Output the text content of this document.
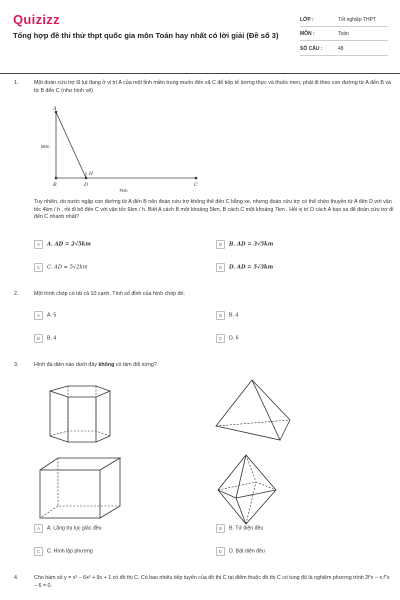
Quizizz
Tổng hợp đề thi thử thpt quốc gia môn Toán hay nhất có lời giải (Đề số 3)
LỚP :	Tốt nghiệp THPT
MÔN :	Toán
SỐ CÂU :	48
1.	Một đoàn cứu trợ lũ lụt đang ở vị trí A của một tỉnh miền trung muốn đến xã C để tiếp tế lương thực và thuốc men, phải đi theo con đường từ A đến B và từ B đến C (như hình vẽ)
A
B	D	C
H
5km
7km
Tuy nhiên, do nước ngập con đường từ A đến B nên đoàn cứu trợ không thể đến C bằng xe, nhưng đoàn cứu trợ có thể chèo thuyền từ A đến D với vận tốc 4km / h , rồi đi bộ đến C với vận tốc 6km / h. Biết A cách B một khoảng 5km, B cách C một khoảng 7km . Hỏi vị trí D cách A bao xa để đoàn cứu trợ đi đến C nhanh nhất?
A A. AD = 2√5km	B B. AD = 3√5km
C C. AD = 5√2km	D D. AD = 5√3km
2.	Một hình chóp có tất cả 10 cạnh. Tính số đỉnh của hình chóp đó.
A A. 5	B B. 4
B B. 4	D D. 6
3.	Hình đa diện nào dưới đây không có tâm đối xứng?
A A. Lăng trụ lục giác đều	B B. Tứ diện đều
C C. Hình lập phương	D D. Bát diện đều
4.	Cho hàm số y = x³ − 6x² + 9x + 1 có đồ thị C. Có bao nhiêu tiếp tuyến của đồ thị C tại điểm thuộc đồ thị C có tung độ là nghiệm phương trình 2f'x − x.f''x − 6 = 0.
